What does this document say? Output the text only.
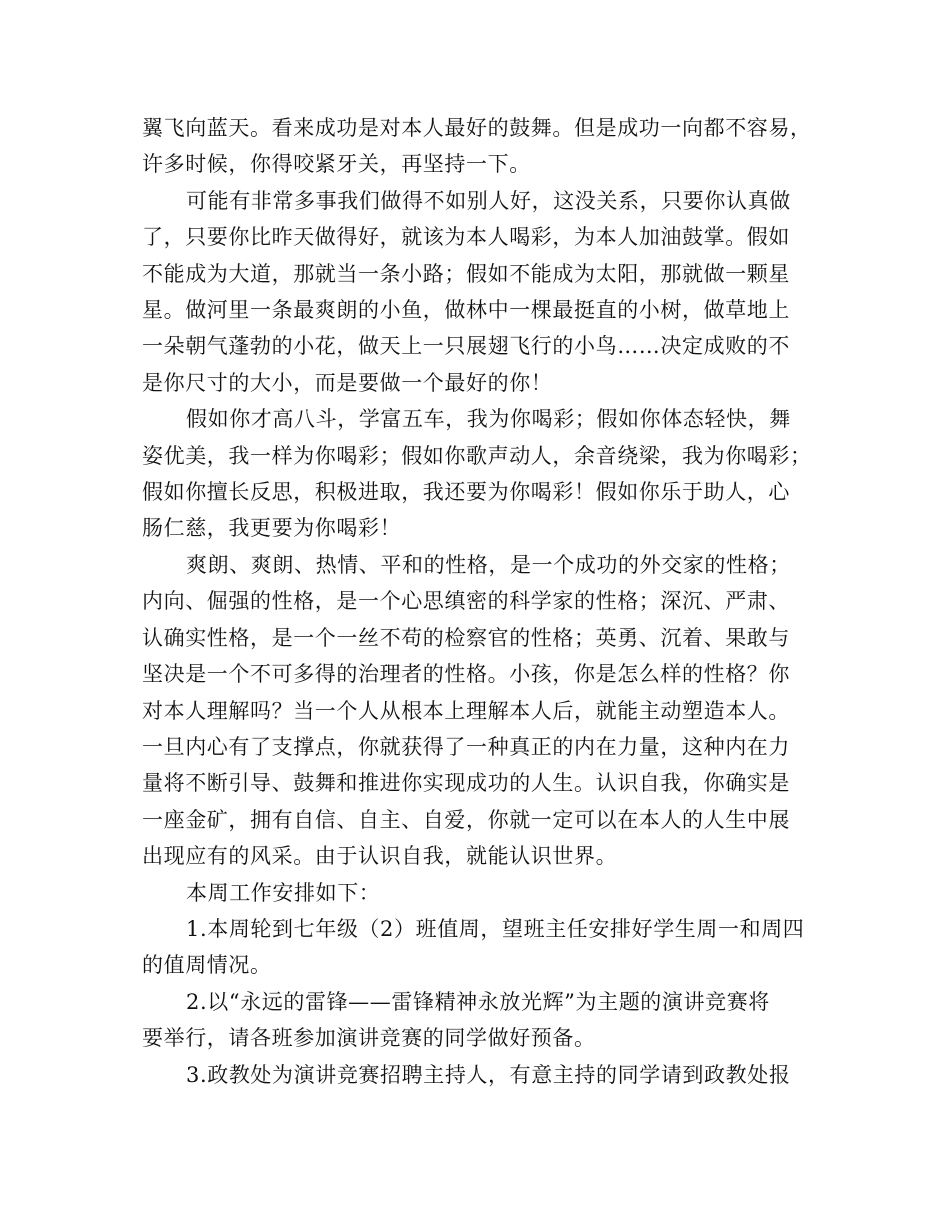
翼飞向蓝天。看来成功是对本人最好的鼓舞。但是成功一向都不容易，
许多时候，你得咬紧牙关，再坚持一下。

可能有非常多事我们做得不如别人好，这没关系，只要你认真做
了，只要你比昨天做得好，就该为本人喝彩，为本人加油鼓掌。假如
不能成为大道，那就当一条小路；假如不能成为太阳，那就做一颗星
星。做河里一条最爽朗的小鱼，做林中一棵最挺直的小树，做草地上
一朵朝气蓬勃的小花，做天上一只展翅飞行的小鸟……决定成败的不
是你尺寸的大小，而是要做一个最好的你！

假如你才高八斗，学富五车，我为你喝彩；假如你体态轻快，舞
姿优美，我一样为你喝彩；假如你歌声动人，余音绕梁，我为你喝彩；
假如你擅长反思，积极进取，我还要为你喝彩！假如你乐于助人，心
肠仁慈，我更要为你喝彩！

爽朗、爽朗、热情、平和的性格，是一个成功的外交家的性格；
内向、倔强的性格，是一个心思缜密的科学家的性格；深沉、严肃、
认确实性格，是一个一丝不苟的检察官的性格；英勇、沉着、果敢与
坚决是一个不可多得的治理者的性格。小孩，你是怎么样的性格？你
对本人理解吗？当一个人从根本上理解本人后，就能主动塑造本人。
一旦内心有了支撑点，你就获得了一种真正的内在力量，这种内在力
量将不断引导、鼓舞和推进你实现成功的人生。认识自我，你确实是
一座金矿，拥有自信、自主、自爱，你就一定可以在本人的人生中展
出现应有的风采。由于认识自我，就能认识世界。

本周工作安排如下：

1.本周轮到七年级（2）班值周，望班主任安排好学生周一和周四
的值周情况。

2.以“永远的雷锋——雷锋精神永放光辉”为主题的演讲竞赛将
要举行，请各班参加演讲竞赛的同学做好预备。

3.政教处为演讲竞赛招聘主持人，有意主持的同学请到政教处报
